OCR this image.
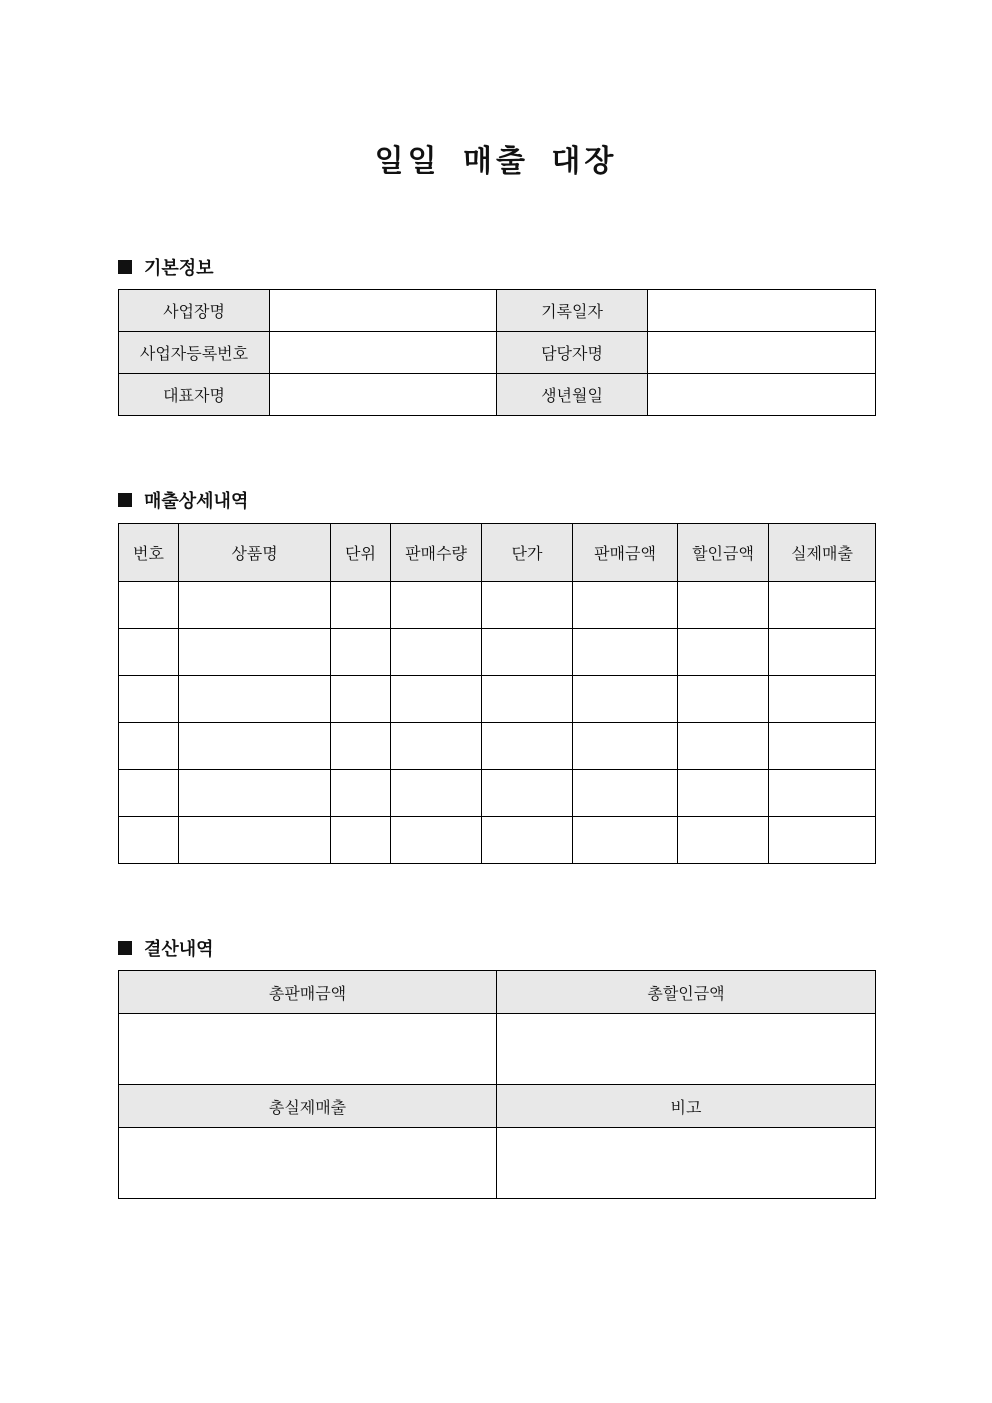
일일 매출 대장
기본정보
사업장명		기록일자	
사업자등록번호		담당자명	
대표자명		생년월일	
매출상세내역
번호	상품명	단위	판매수량	단가	판매금액	할인금액	실제매출

결산내역
총판매금액	총할인금액

총실제매출	비고
